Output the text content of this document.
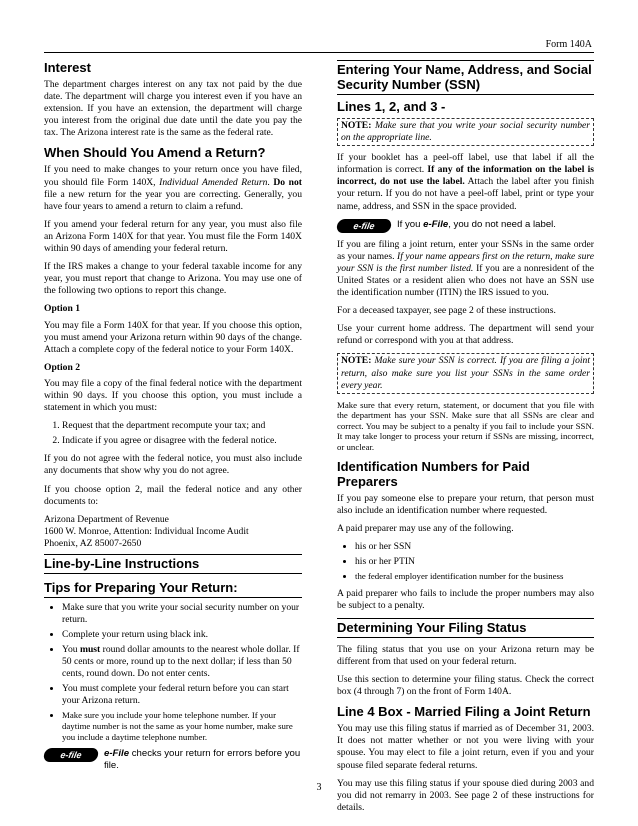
Form 140A
Interest

The department charges interest on any tax not paid by the due date. The department will charge you interest even if you have an extension. If you have an extension, the department will charge you interest from the original due date until the date you pay the tax. The Arizona interest rate is the same as the federal rate.

When Should You Amend a Return?

If you need to make changes to your return once you have filed, you should file Form 140X, Individual Amended Return. Do not file a new return for the year you are correcting. Generally, you have four years to amend a return to claim a refund.

If you amend your federal return for any year, you must also file an Arizona Form 140X for that year. You must file the Form 140X within 90 days of amending your federal return.

If the IRS makes a change to your federal taxable income for any year, you must report that change to Arizona. You may use one of the following two options to report this change.

Option 1

You may file a Form 140X for that year. If you choose this option, you must amend your Arizona return within 90 days of the change. Attach a complete copy of the federal notice to your Form 140X.

Option 2

You may file a copy of the final federal notice with the department within 90 days. If you choose this option, you must include a statement in which you must:

1. Request that the department recompute your tax; and
2. Indicate if you agree or disagree with the federal notice.

If you do not agree with the federal notice, you must also include any documents that show why you do not agree.

If you choose option 2, mail the federal notice and any other documents to:

Arizona Department of Revenue
1600 W. Monroe, Attention: Individual Income Audit
Phoenix, AZ 85007-2650
Line-by-Line Instructions
Tips for Preparing Your Return:
• Make sure that you write your social security number on your return.
• Complete your return using black ink.
• You must round dollar amounts to the nearest whole dollar. If 50 cents or more, round up to the next dollar; if less than 50 cents, round down. Do not enter cents.
• You must complete your federal return before you can start your Arizona return.
• Make sure you include your home telephone number. If your daytime number is not the same as your home number, make sure you include a daytime telephone number.
e-file	e-File checks your return for errors before you file.
Entering Your Name, Address, and Social Security Number (SSN)
Lines 1, 2, and 3 -
NOTE: Make sure that you write your social security number on the appropriate line.

If your booklet has a peel-off label, use that label if all the information is correct. If any of the information on the label is incorrect, do not use the label. Attach the label after you finish your return. If you do not have a peel-off label, print or type your name, address, and SSN in the space provided.

e-file	If you e-File, you do not need a label.

If you are filing a joint return, enter your SSNs in the same order as your names. If your name appears first on the return, make sure your SSN is the first number listed. If you are a nonresident of the United States or a resident alien who does not have an SSN use the identification number (ITIN) the IRS issued to you.

For a deceased taxpayer, see page 2 of these instructions.

Use your current home address. The department will send your refund or correspond with you at that address.

NOTE: Make sure your SSN is correct. If you are filing a joint return, also make sure you list your SSNs in the same order every year.

Make sure that every return, statement, or document that you file with the department has your SSN. Make sure that all SSNs are clear and correct. You may be subject to a penalty if you fail to include your SSN. It may take longer to process your return if SSNs are missing, incorrect, or unclear.

Identification Numbers for Paid Preparers

If you pay someone else to prepare your return, that person must also include an identification number where requested.

A paid preparer may use any of the following.

• his or her SSN
• his or her PTIN
• the federal employer identification number for the business

A paid preparer who fails to include the proper numbers may also be subject to a penalty.

Determining Your Filing Status

The filing status that you use on your Arizona return may be different from that used on your federal return.

Use this section to determine your filing status. Check the correct box (4 through 7) on the front of Form 140A.

Line 4 Box - Married Filing a Joint Return

You may use this filing status if married as of December 31, 2003. It does not matter whether or not you were living with your spouse. You may elect to file a joint return, even if you and your spouse filed separate federal returns.

You may use this filing status if your spouse died during 2003 and you did not remarry in 2003. See page 2 of these instructions for details.

3
